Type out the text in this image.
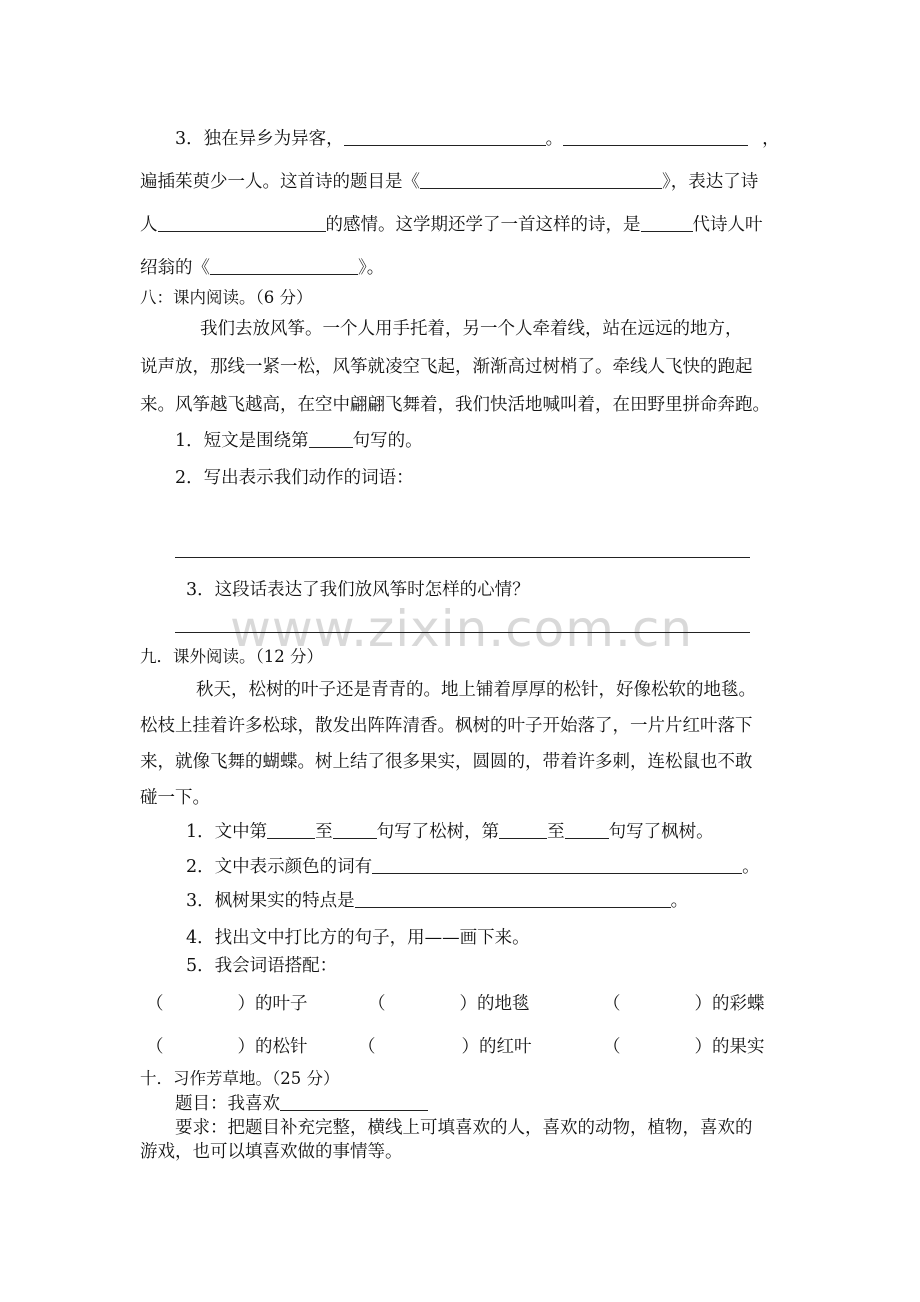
www.zixin.com.cn
3．独在异乡为异客，	。	，
遍插茱萸少一人。这首诗的题目是《	》，表达了诗
人	的感情。这学期还学了一首这样的诗，是	代诗人叶
绍翁的《	》。
八：课内阅读。（6 分）
我们去放风筝。一个人用手托着，另一个人牵着线，站在远远的地方，
说声放，那线一紧一松，风筝就凌空飞起，渐渐高过树梢了。牵线人飞快的跑起
来。风筝越飞越高，在空中翩翩飞舞着，我们快活地喊叫着，在田野里拼命奔跑。
1．短文是围绕第	句写的。
2．写出表示我们动作的词语：
3．这段话表达了我们放风筝时怎样的心情？
九．课外阅读。（12 分）
秋天，松树的叶子还是青青的。地上铺着厚厚的松针，好像松软的地毯。
松枝上挂着许多松球，散发出阵阵清香。枫树的叶子开始落了，一片片红叶落下
来，就像飞舞的蝴蝶。树上结了很多果实，圆圆的，带着许多刺，连松鼠也不敢
碰一下。
1．文中第	至	句写了松树，第	至	句写了枫树。
2．文中表示颜色的词有	。
3．枫树果实的特点是	。
4．找出文中打比方的句子，用——画下来。
5．我会词语搭配：
（	）的叶子	（	）的地毯	（	）的彩蝶
（	）的松针	（	）的红叶	（	）的果实
十．习作芳草地。（25 分）
题目：我喜欢
要求：把题目补充完整，横线上可填喜欢的人，喜欢的动物，植物，喜欢的
游戏，也可以填喜欢做的事情等。
